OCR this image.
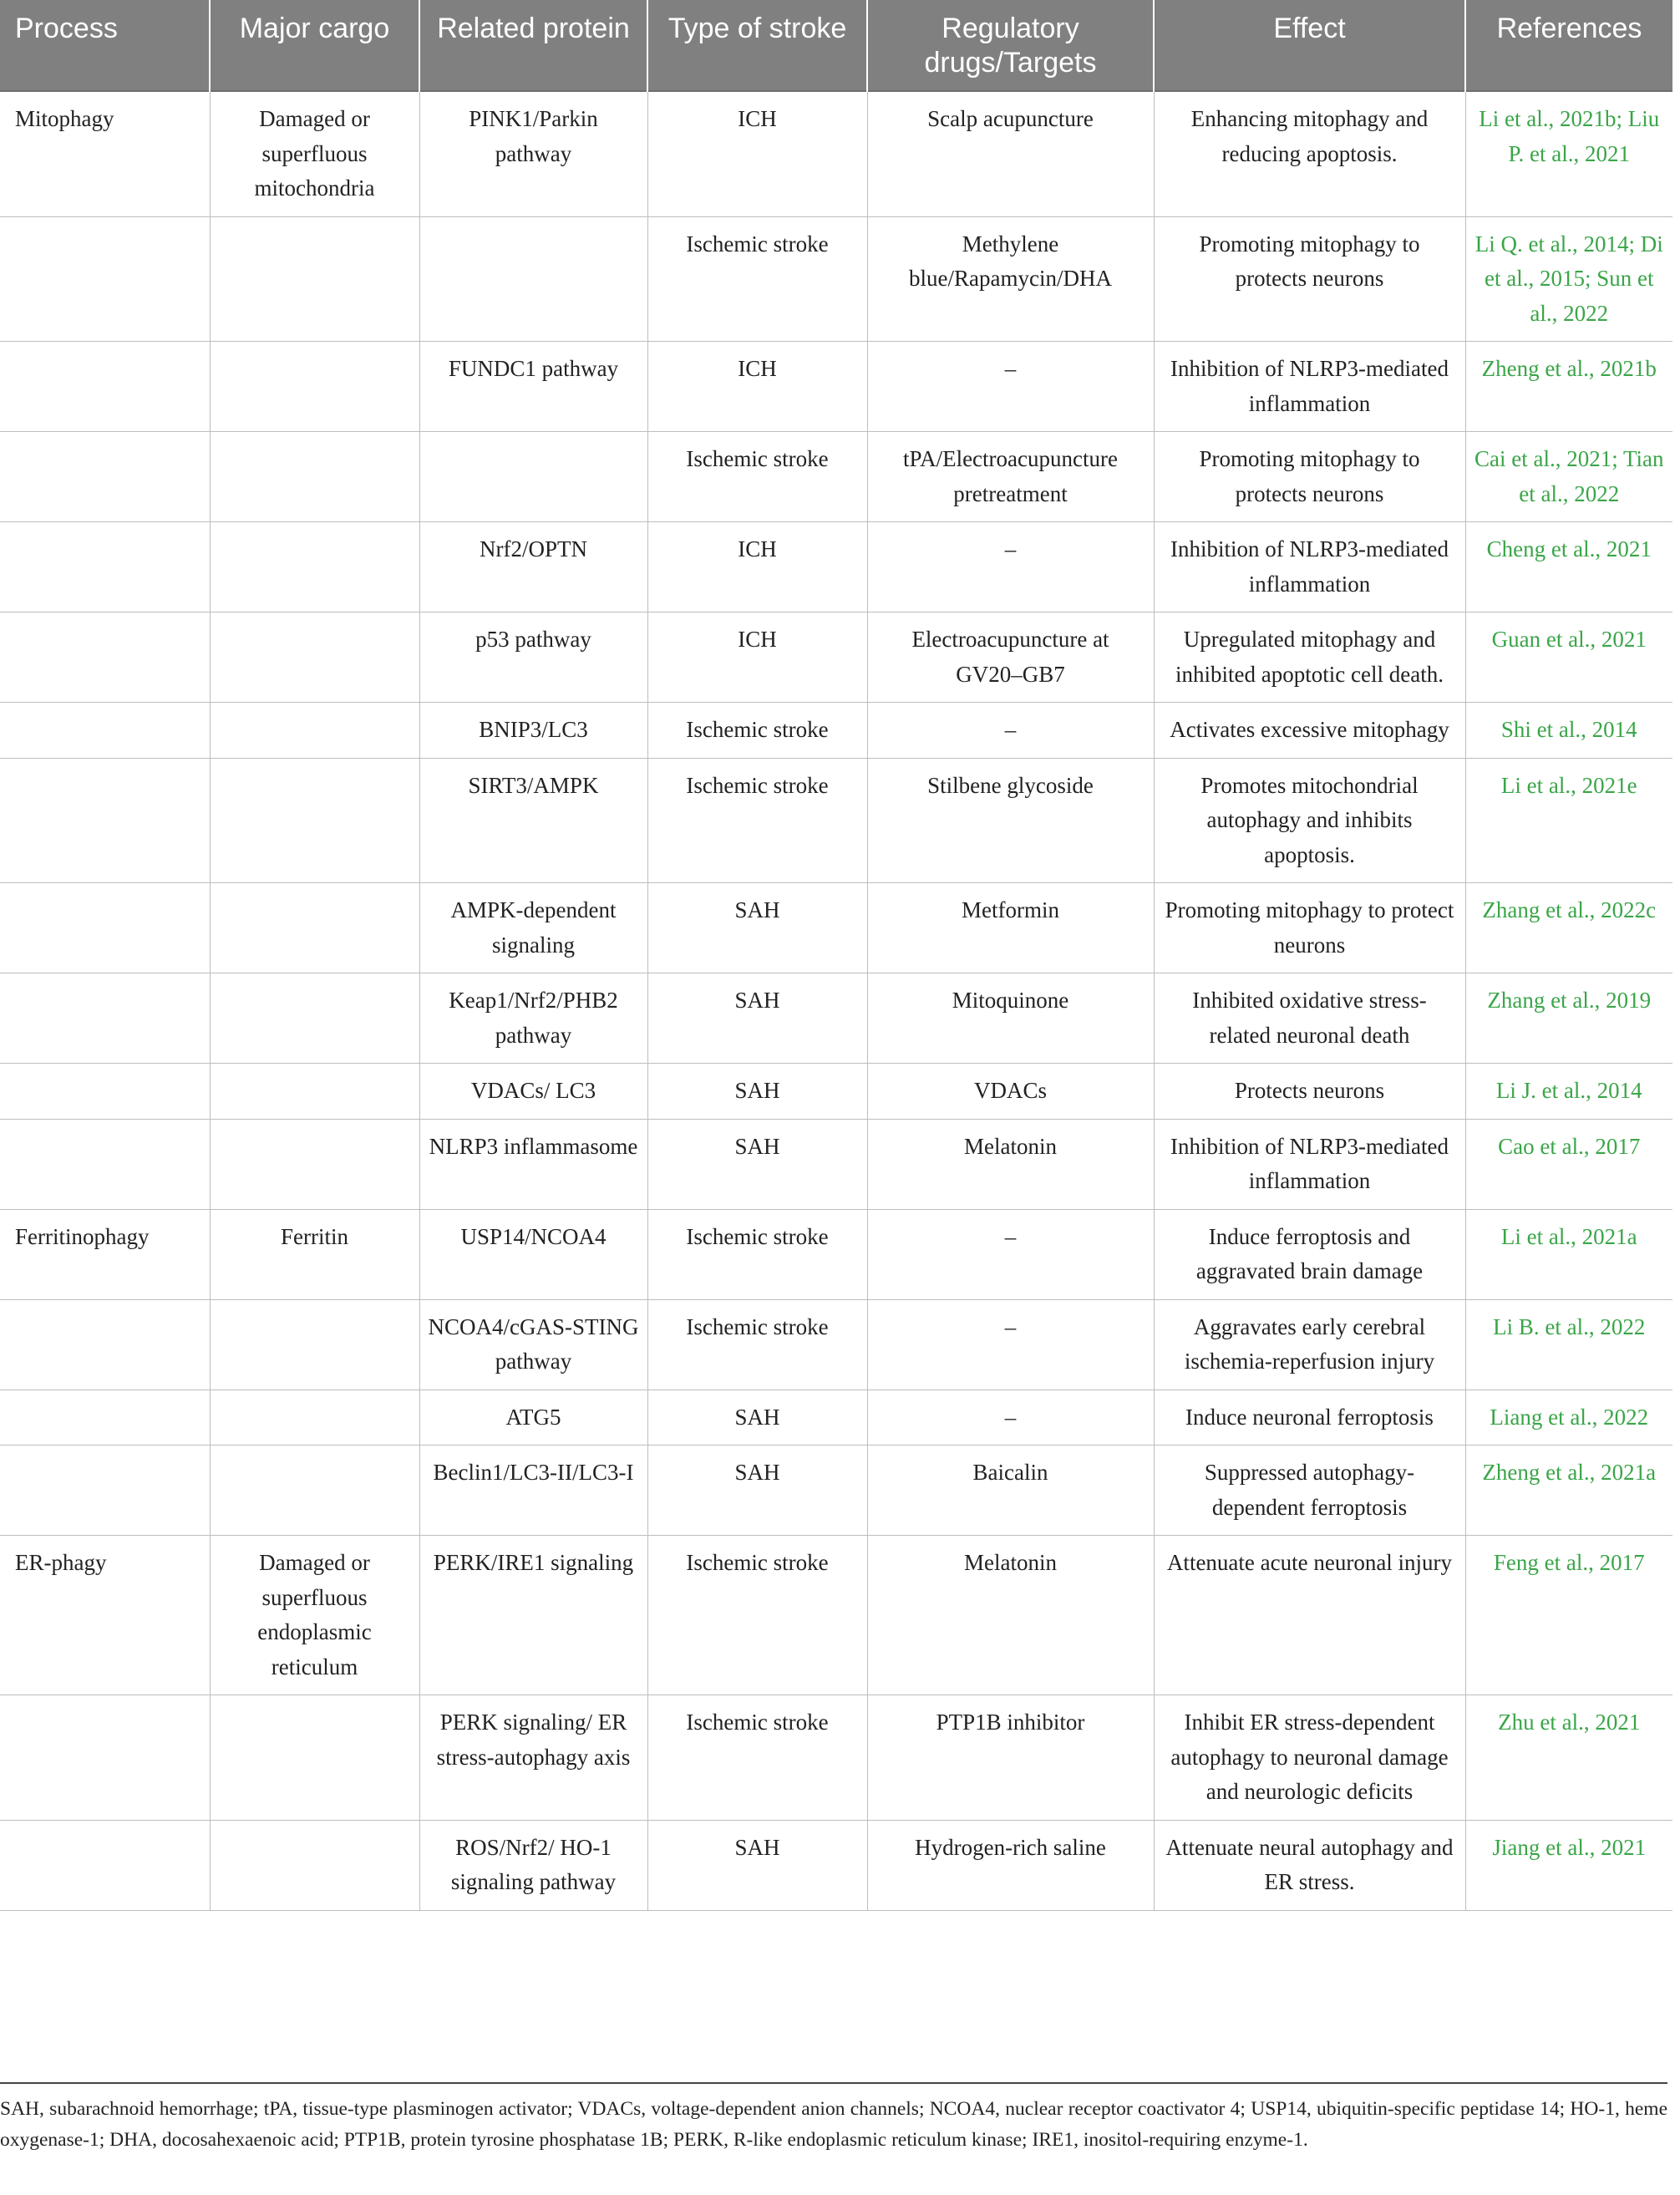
Process	Major cargo	Related protein	Type of stroke	Regulatory drugs/Targets	Effect	References
Mitophagy	Damaged or superfluous mitochondria	PINK1/Parkin pathway	ICH	Scalp acupuncture	Enhancing mitophagy and reducing apoptosis.	Li et al., 2021b; Liu P. et al., 2021
			Ischemic stroke	Methylene blue/Rapamycin/DHA	Promoting mitophagy to protects neurons	Li Q. et al., 2014; Di et al., 2015; Sun et al., 2022
		FUNDC1 pathway	ICH	–	Inhibition of NLRP3-mediated inflammation	Zheng et al., 2021b
			Ischemic stroke	tPA/Electroacupuncture pretreatment	Promoting mitophagy to protects neurons	Cai et al., 2021; Tian et al., 2022
		Nrf2/OPTN	ICH	–	Inhibition of NLRP3-mediated inflammation	Cheng et al., 2021
		p53 pathway	ICH	Electroacupuncture at GV20–GB7	Upregulated mitophagy and inhibited apoptotic cell death.	Guan et al., 2021
		BNIP3/LC3	Ischemic stroke	–	Activates excessive mitophagy	Shi et al., 2014
		SIRT3/AMPK	Ischemic stroke	Stilbene glycoside	Promotes mitochondrial autophagy and inhibits apoptosis.	Li et al., 2021e
		AMPK-dependent signaling	SAH	Metformin	Promoting mitophagy to protect neurons	Zhang et al., 2022c
		Keap1/Nrf2/PHB2 pathway	SAH	Mitoquinone	Inhibited oxidative stress-related neuronal death	Zhang et al., 2019
		VDACs/ LC3	SAH	VDACs	Protects neurons	Li J. et al., 2014
		NLRP3 inflammasome	SAH	Melatonin	Inhibition of NLRP3-mediated inflammation	Cao et al., 2017
Ferritinophagy	Ferritin	USP14/NCOA4	Ischemic stroke	–	Induce ferroptosis and aggravated brain damage	Li et al., 2021a
		NCOA4/cGAS-STING pathway	Ischemic stroke	–	Aggravates early cerebral ischemia-reperfusion injury	Li B. et al., 2022
		ATG5	SAH	–	Induce neuronal ferroptosis	Liang et al., 2022
		Beclin1/LC3-II/LC3-I	SAH	Baicalin	Suppressed autophagy-dependent ferroptosis	Zheng et al., 2021a
ER-phagy	Damaged or superfluous endoplasmic reticulum	PERK/IRE1 signaling	Ischemic stroke	Melatonin	Attenuate acute neuronal injury	Feng et al., 2017
		PERK signaling/ ER stress-autophagy axis	Ischemic stroke	PTP1B inhibitor	Inhibit ER stress-dependent autophagy to neuronal damage and neurologic deficits	Zhu et al., 2021
		ROS/Nrf2/ HO-1 signaling pathway	SAH	Hydrogen-rich saline	Attenuate neural autophagy and ER stress.	Jiang et al., 2021
SAH, subarachnoid hemorrhage; tPA, tissue-type plasminogen activator; VDACs, voltage-dependent anion channels; NCOA4, nuclear receptor coactivator 4; USP14, ubiquitin-specific peptidase 14; HO-1, heme oxygenase-1; DHA, docosahexaenoic acid; PTP1B, protein tyrosine phosphatase 1B; PERK, R-like endoplasmic reticulum kinase; IRE1, inositol-requiring enzyme-1.
